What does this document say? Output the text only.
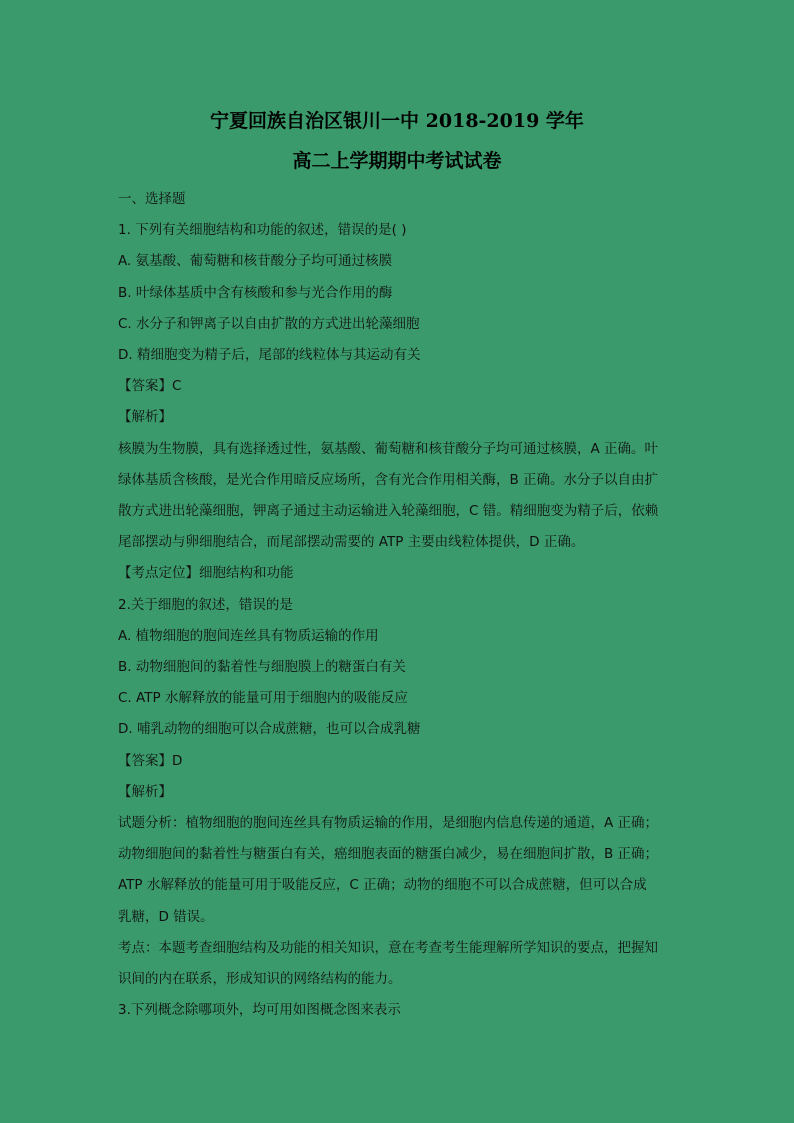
宁夏回族自治区银川一中 2018-2019 学年
高二上学期期中考试试卷
一、选择题
1. 下列有关细胞结构和功能的叙述，错误的是( )
A. 氨基酸、葡萄糖和核苷酸分子均可通过核膜
B. 叶绿体基质中含有核酸和参与光合作用的酶
C. 水分子和钾离子以自由扩散的方式进出轮藻细胞
D. 精细胞变为精子后，尾部的线粒体与其运动有关
【答案】C
【解析】
核膜为生物膜，具有选择透过性，氨基酸、葡萄糖和核苷酸分子均可通过核膜，A 正确。叶
绿体基质含核酸，是光合作用暗反应场所，含有光合作用相关酶，B 正确。水分子以自由扩
散方式进出轮藻细胞，钾离子通过主动运输进入轮藻细胞，C 错。精细胞变为精子后，依赖
尾部摆动与卵细胞结合，而尾部摆动需要的 ATP 主要由线粒体提供，D 正确。
【考点定位】细胞结构和功能
2.关于细胞的叙述，错误的是
A. 植物细胞的胞间连丝具有物质运输的作用
B. 动物细胞间的黏着性与细胞膜上的糖蛋白有关
C. ATP 水解释放的能量可用于细胞内的吸能反应
D. 哺乳动物的细胞可以合成蔗糖，也可以合成乳糖
【答案】D
【解析】
试题分析：植物细胞的胞间连丝具有物质运输的作用，是细胞内信息传递的通道，A 正确；
动物细胞间的黏着性与糖蛋白有关，癌细胞表面的糖蛋白减少，易在细胞间扩散，B 正确；
ATP 水解释放的能量可用于吸能反应，C 正确；动物的细胞不可以合成蔗糖，但可以合成
乳糖，D 错误。
考点：本题考查细胞结构及功能的相关知识，意在考查考生能理解所学知识的要点，把握知
识间的内在联系，形成知识的网络结构的能力。
3.下列概念除哪项外，均可用如图概念图来表示
